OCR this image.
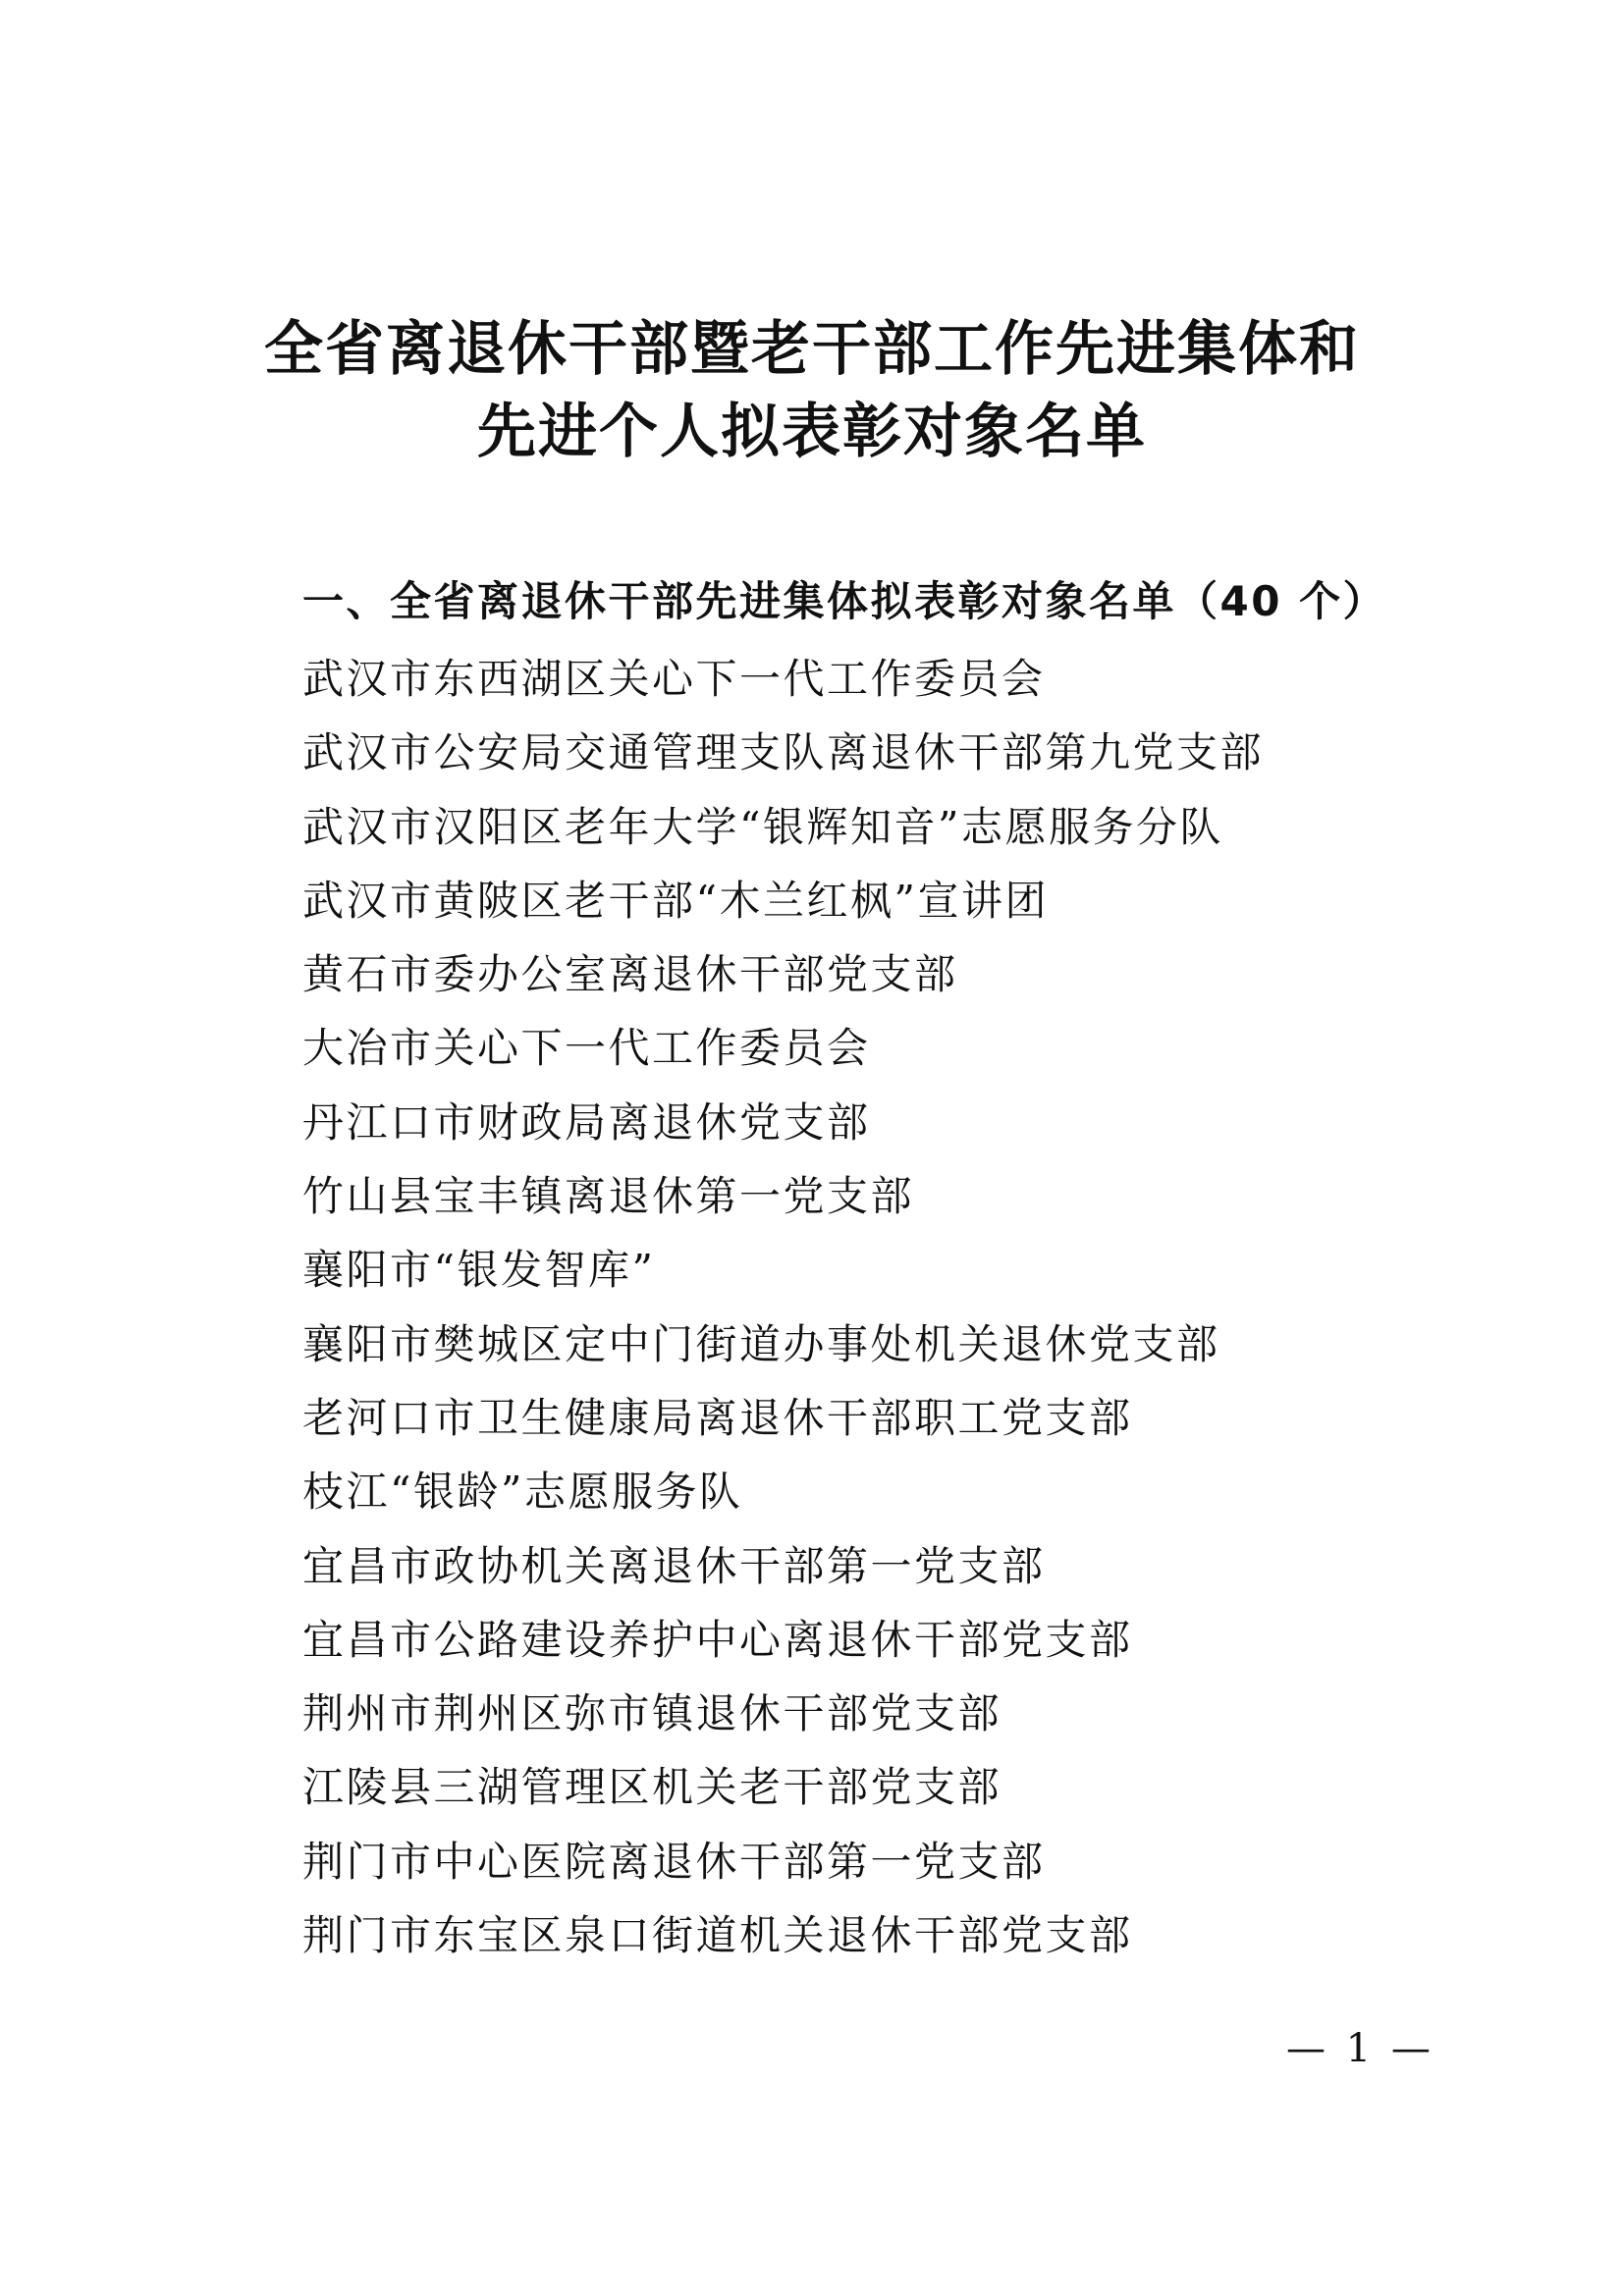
全省离退休干部暨老干部工作先进集体和
先进个人拟表彰对象名单
一、全省离退休干部先进集体拟表彰对象名单（40 个）
武汉市东西湖区关心下一代工作委员会
武汉市公安局交通管理支队离退休干部第九党支部
武汉市汉阳区老年大学“银辉知音”志愿服务分队
武汉市黄陂区老干部“木兰红枫”宣讲团
黄石市委办公室离退休干部党支部
大冶市关心下一代工作委员会
丹江口市财政局离退休党支部
竹山县宝丰镇离退休第一党支部
襄阳市“银发智库”
襄阳市樊城区定中门街道办事处机关退休党支部
老河口市卫生健康局离退休干部职工党支部
枝江“银龄”志愿服务队
宜昌市政协机关离退休干部第一党支部
宜昌市公路建设养护中心离退休干部党支部
荆州市荆州区弥市镇退休干部党支部
江陵县三湖管理区机关老干部党支部
荆门市中心医院离退休干部第一党支部
荆门市东宝区泉口街道机关退休干部党支部
— 1 —
